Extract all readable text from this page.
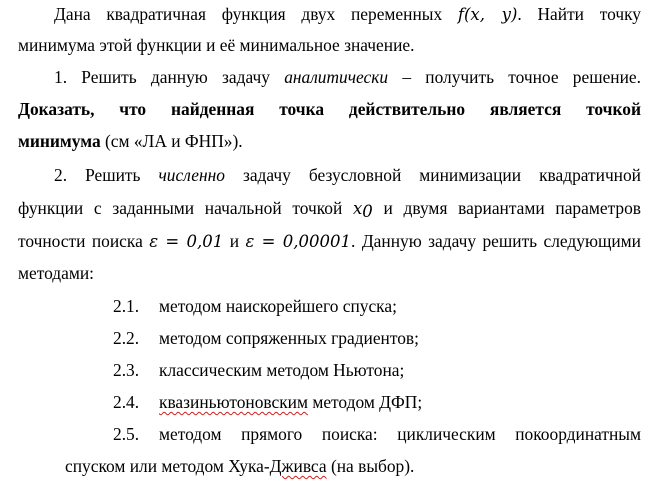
Дана квадратичная функция двух переменных f(x, y). Найти точку
минимума этой функции и её минимальное значение.
1. Решить данную задачу аналитически – получить точное решение.
Доказать, что найденная точка действительно является точкой
минимума (см «ЛА и ФНП»).
2. Решить численно задачу безусловной минимизации квадратичной
функции с заданными начальной точкой $x_0$ и двумя вариантами параметров
точности поиска ε = 0,01 и ε = 0,00001. Данную задачу решить следующими
методами:
2.1. методом наискорейшего спуска;
2.2. методом сопряженных градиентов;
2.3. классическим методом Ньютона;
2.4. квазиньютоновским методом ДФП;
2.5. методом прямого поиска: циклическим покоординатным
спуском или методом Хука-Дживса (на выбор).
